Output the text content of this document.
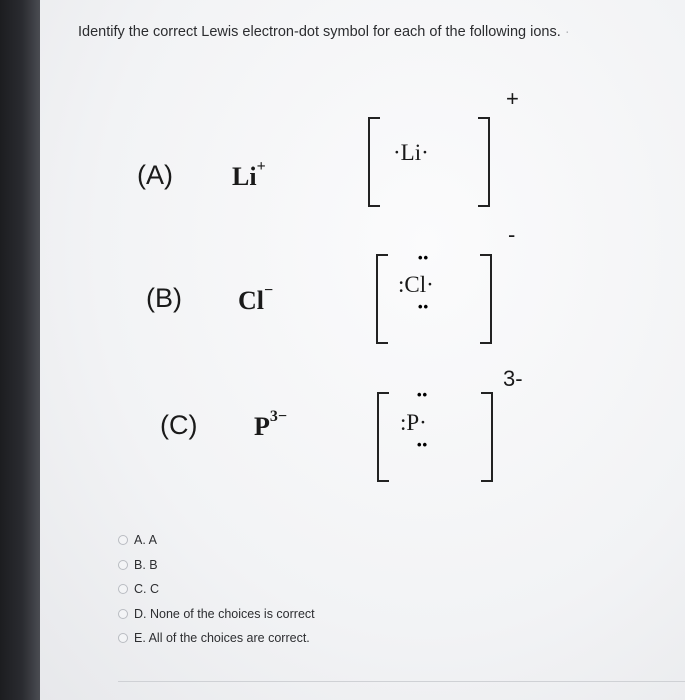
Identify the correct Lewis electron-dot symbol for each of the following ions. ·
(A) Li+
·Li·
+
(B) Cl−	:Cl·
••
••
-
(C) $P^{3-}$	:P·
••
••
3-
A. A
B. B
C. C
D. None of the choices is correct
E. All of the choices are correct.
